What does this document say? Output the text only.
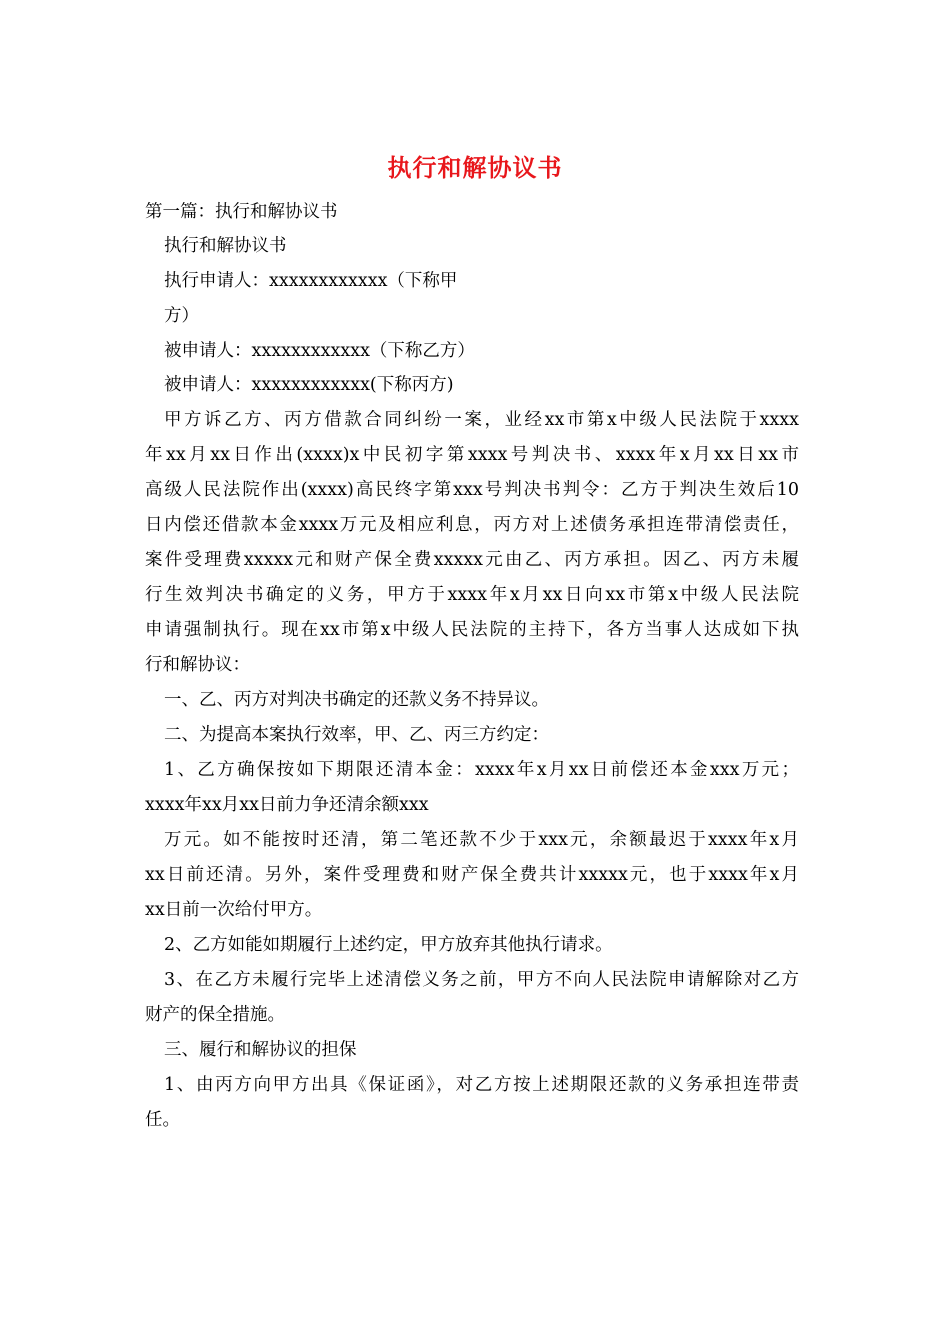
执行和解协议书
第一篇：执行和解协议书
执行和解协议书
执行申请人：xxxxxxxxxxxx（下称甲
方）
被申请人：xxxxxxxxxxxx（下称乙方）
被申请人：xxxxxxxxxxxx(下称丙方)
甲方诉乙方、丙方借款合同纠纷一案，业经xx市第x中级人民法院于xxxx
年xx月xx日作出(xxxx)x中民初字第xxxx号判决书、xxxx年x月xx日xx市
高级人民法院作出(xxxx)高民终字第xxx号判决书判令：乙方于判决生效后10
日内偿还借款本金xxxx万元及相应利息，丙方对上述债务承担连带清偿责任，
案件受理费xxxxx元和财产保全费xxxxx元由乙、丙方承担。因乙、丙方未履
行生效判决书确定的义务，甲方于xxxx年x月xx日向xx市第x中级人民法院
申请强制执行。现在xx市第x中级人民法院的主持下，各方当事人达成如下执
行和解协议：
一、乙、丙方对判决书确定的还款义务不持异议。
二、为提高本案执行效率，甲、乙、丙三方约定：
1、乙方确保按如下期限还清本金：xxxx年x月xx日前偿还本金xxx万元；
xxxx年xx月xx日前力争还清余额xxx
万元。如不能按时还清，第二笔还款不少于xxx元，余额最迟于xxxx年x月
xx日前还清。另外，案件受理费和财产保全费共计xxxxx元，也于xxxx年x月
xx日前一次给付甲方。
2、乙方如能如期履行上述约定，甲方放弃其他执行请求。
3、在乙方未履行完毕上述清偿义务之前，甲方不向人民法院申请解除对乙方
财产的保全措施。
三、履行和解协议的担保
1、由丙方向甲方出具《保证函》，对乙方按上述期限还款的义务承担连带责
任。
